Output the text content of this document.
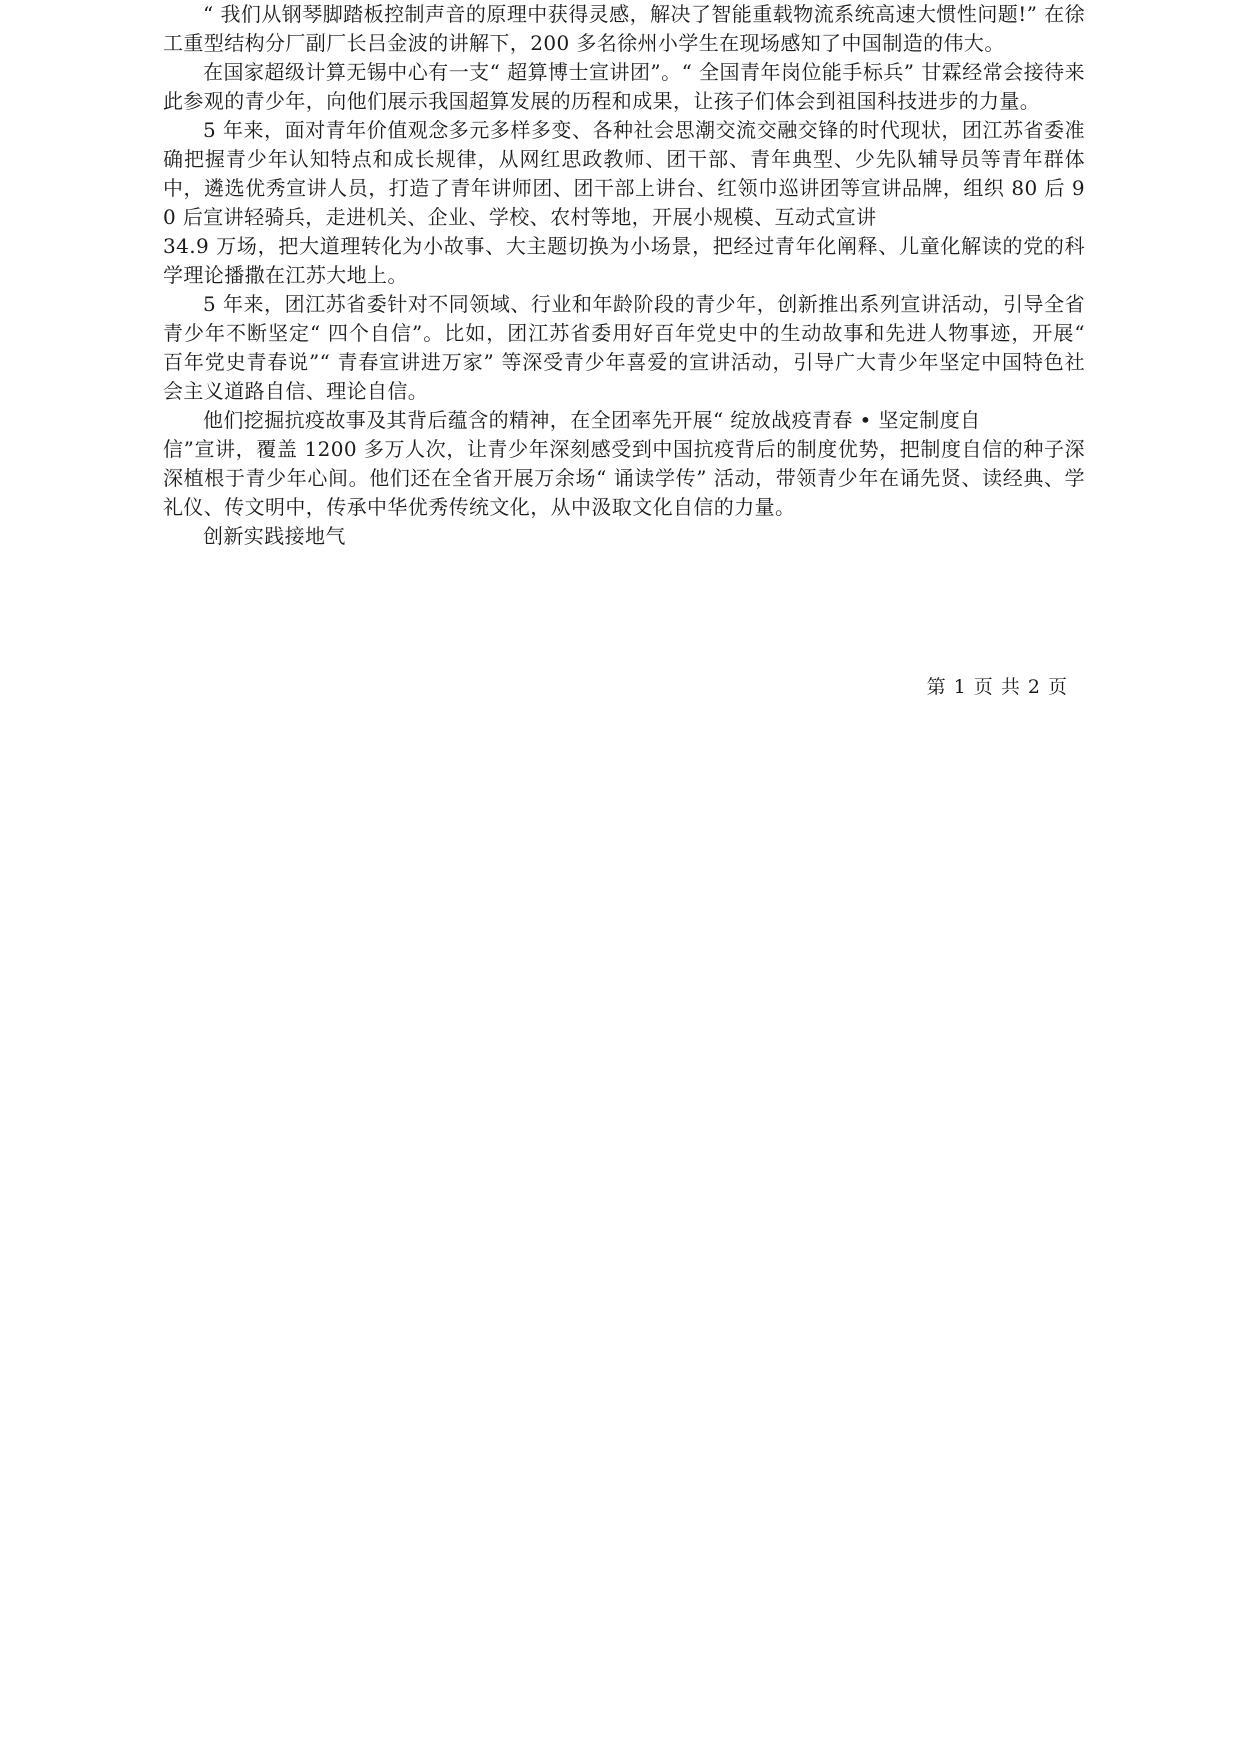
“ 我们从钢琴脚踏板控制声音的原理中获得灵感，解决了智能重载物流系统高速大惯性问题!” 在徐工重型结构分厂副厂长吕金波的讲解下，200 多名徐州小学生在现场感知了中国制造的伟大。

在国家超级计算无锡中心有一支“ 超算博士宣讲团”。“ 全国青年岗位能手标兵” 甘霖经常会接待来此参观的青少年，向他们展示我国超算发展的历程和成果，让孩子们体会到祖国科技进步的力量。

5 年来，面对青年价值观念多元多样多变、各种社会思潮交流交融交锋的时代现状，团江苏省委准确把握青少年认知特点和成长规律，从网红思政教师、团干部、青年典型、少先队辅导员等青年群体中，遴选优秀宣讲人员，打造了青年讲师团、团干部上讲台、红领巾巡讲团等宣讲品牌，组织 80 后 90 后宣讲轻骑兵，走进机关、企业、学校、农村等地，开展小规模、互动式宣讲

34.9 万场，把大道理转化为小故事、大主题切换为小场景，把经过青年化阐释、儿童化解读的党的科学理论播撒在江苏大地上。

5 年来，团江苏省委针对不同领域、行业和年龄阶段的青少年，创新推出系列宣讲活动，引导全省青少年不断坚定“ 四个自信”。比如，团江苏省委用好百年党史中的生动故事和先进人物事迹，开展“ 百年党史青春说”“ 青春宣讲进万家” 等深受青少年喜爱的宣讲活动，引导广大青少年坚定中国特色社会主义道路自信、理论自信。

他们挖掘抗疫故事及其背后蕴含的精神，在全团率先开展“ 绽放战疫青春 • 坚定制度自

信”宣讲，覆盖 1200 多万人次，让青少年深刻感受到中国抗疫背后的制度优势，把制度自信的种子深深植根于青少年心间。他们还在全省开展万余场“ 诵读学传” 活动，带领青少年在诵先贤、读经典、学礼仪、传文明中，传承中华优秀传统文化，从中汲取文化自信的力量。

创新实践接地气

第 1 页 共 2 页
